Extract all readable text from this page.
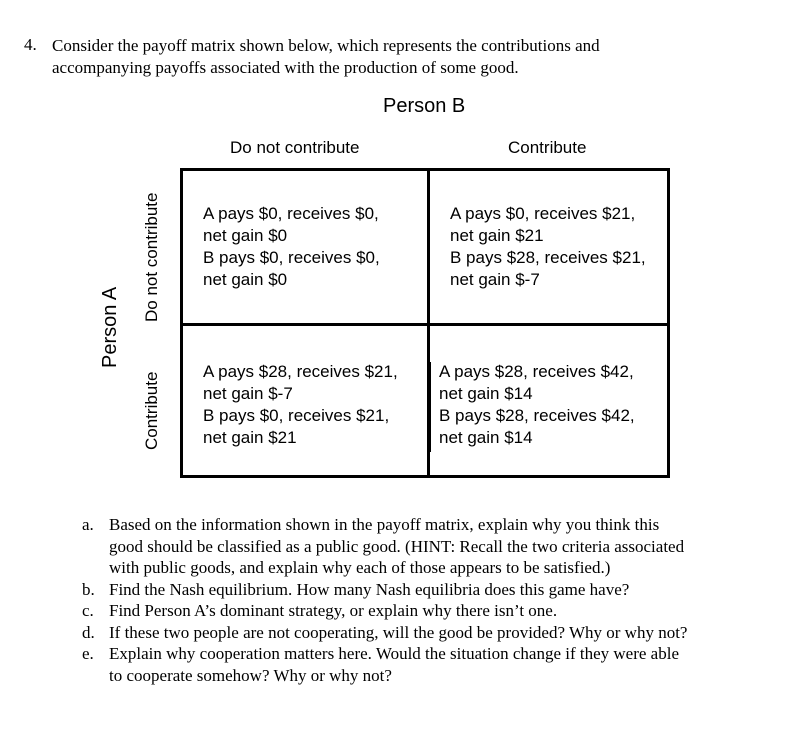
4. Consider the payoff matrix shown below, which represents the contributions and
accompanying payoffs associated with the production of some good.
Person B
Do not contribute	Contribute
Person A
Do not contribute
Contribute
A pays $0, receives $0,
net gain $0
B pays $0, receives $0,
net gain $0
A pays $0, receives $21,
net gain $21
B pays $28, receives $21,
net gain $-7
A pays $28, receives $21,
net gain $-7
B pays $0, receives $21,
net gain $21
A pays $28, receives $42,
net gain $14
B pays $28, receives $42,
net gain $14
a. Based on the information shown in the payoff matrix, explain why you think this
good should be classified as a public good. (HINT: Recall the two criteria associated
with public goods, and explain why each of those appears to be satisfied.)
b. Find the Nash equilibrium. How many Nash equilibria does this game have?
c. Find Person A’s dominant strategy, or explain why there isn’t one.
d. If these two people are not cooperating, will the good be provided? Why or why not?
e. Explain why cooperation matters here. Would the situation change if they were able
to cooperate somehow? Why or why not?
